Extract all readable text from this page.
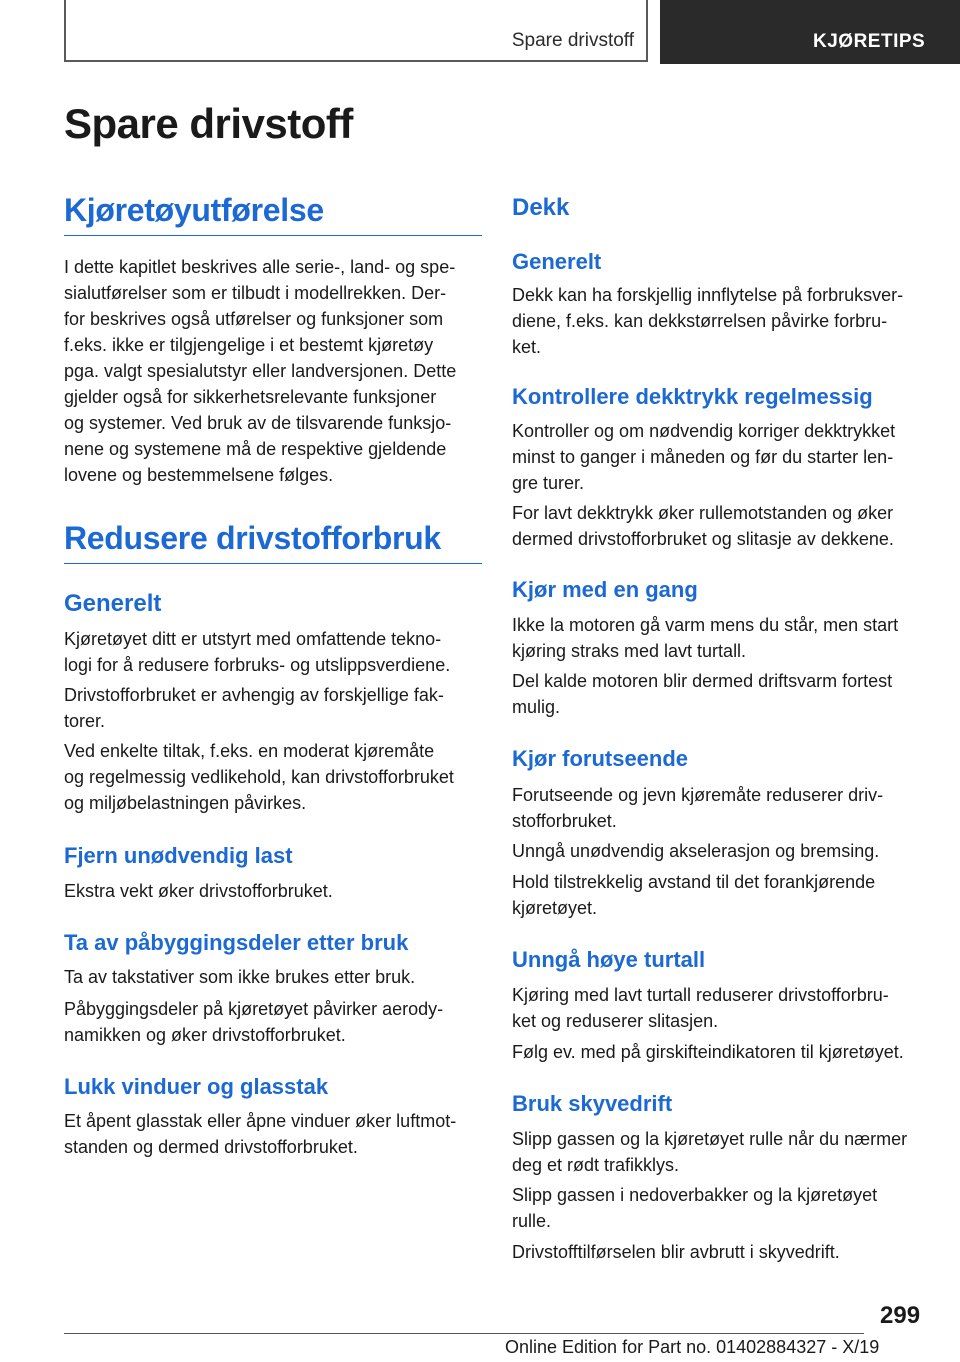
Spare drivstoff	KJØRETIPS
Spare drivstoff
Kjøretøyutførelse
I dette kapitlet beskrives alle serie-, land- og spe-
sialutførelser som er tilbudt i modellrekken. Der-
for beskrives også utførelser og funksjoner som
f.eks. ikke er tilgjengelige i et bestemt kjøretøy
pga. valgt spesialutstyr eller landversjonen. Dette
gjelder også for sikkerhetsrelevante funksjoner
og systemer. Ved bruk av de tilsvarende funksjo-
nene og systemene må de respektive gjeldende
lovene og bestemmelsene følges.
Redusere drivstofforbruk
Generelt
Kjøretøyet ditt er utstyrt med omfattende tekno-
logi for å redusere forbruks- og utslippsverdiene.
Drivstofforbruket er avhengig av forskjellige fak-
torer.
Ved enkelte tiltak, f.eks. en moderat kjøremåte
og regelmessig vedlikehold, kan drivstofforbruket
og miljøbelastningen påvirkes.
Fjern unødvendig last
Ekstra vekt øker drivstofforbruket.
Ta av påbyggingsdeler etter bruk
Ta av takstativer som ikke brukes etter bruk.
Påbyggingsdeler på kjøretøyet påvirker aerody-
namikken og øker drivstofforbruket.
Lukk vinduer og glasstak
Et åpent glasstak eller åpne vinduer øker luftmot-
standen og dermed drivstofforbruket.
Dekk
Generelt
Dekk kan ha forskjellig innflytelse på forbruksver-
diene, f.eks. kan dekkstørrelsen påvirke forbru-
ket.
Kontrollere dekktrykk regelmessig
Kontroller og om nødvendig korriger dekktrykket
minst to ganger i måneden og før du starter len-
gre turer.
For lavt dekktrykk øker rullemotstanden og øker
dermed drivstofforbruket og slitasje av dekkene.
Kjør med en gang
Ikke la motoren gå varm mens du står, men start
kjøring straks med lavt turtall.
Del kalde motoren blir dermed driftsvarm fortest
mulig.
Kjør forutseende
Forutseende og jevn kjøremåte reduserer driv-
stofforbruket.
Unngå unødvendig akselerasjon og bremsing.
Hold tilstrekkelig avstand til det forankjørende
kjøretøyet.
Unngå høye turtall
Kjøring med lavt turtall reduserer drivstofforbru-
ket og reduserer slitasjen.
Følg ev. med på girskifteindikatoren til kjøretøyet.
Bruk skyvedrift
Slipp gassen og la kjøretøyet rulle når du nærmer
deg et rødt trafikklys.
Slipp gassen i nedoverbakker og la kjøretøyet
rulle.
Drivstofftilførselen blir avbrutt i skyvedrift.
299
Online Edition for Part no. 01402884327 - X/19
